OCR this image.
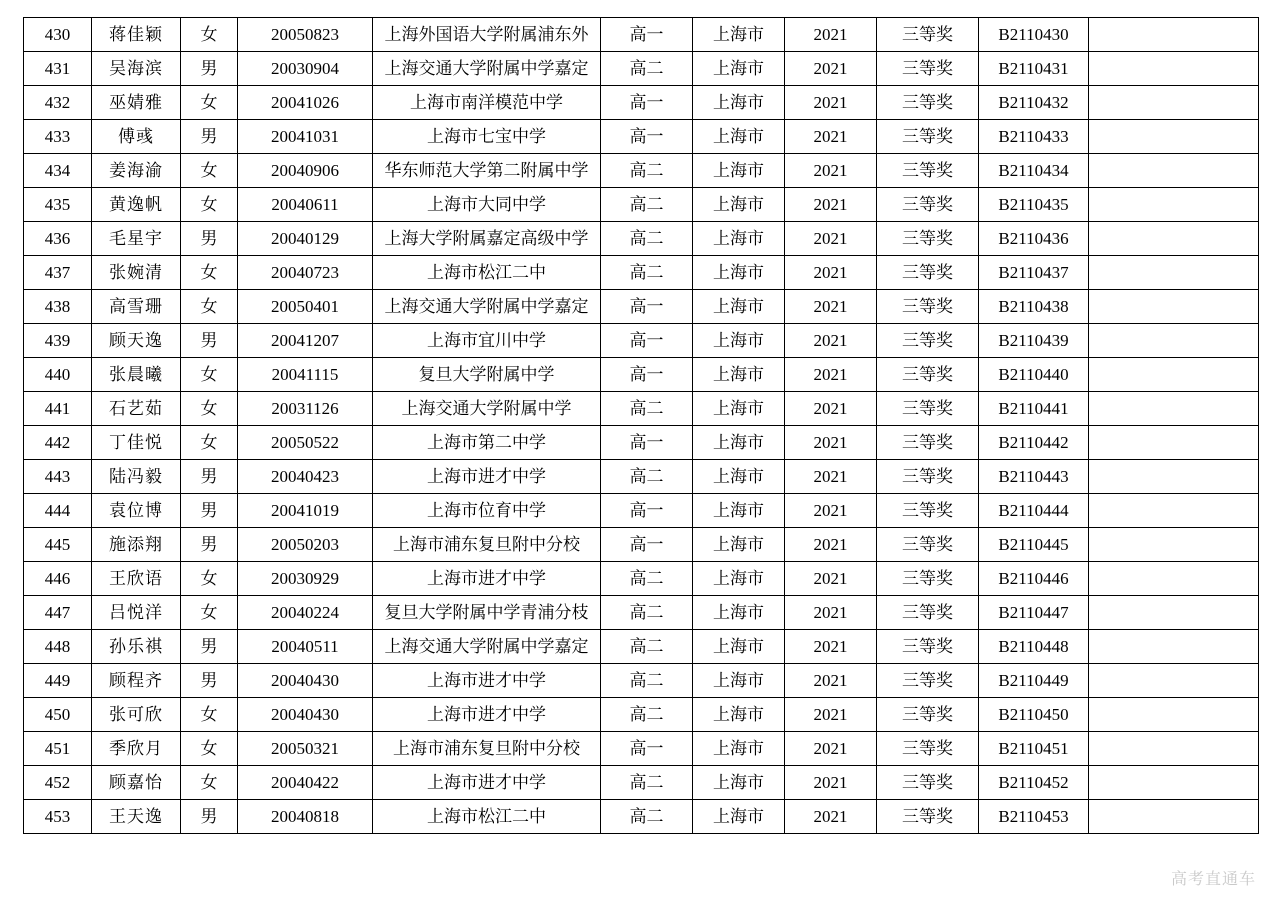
430	蒋佳颖	女	20050823	上海外国语大学附属浦东外	高一	上海市	2021	三等奖	B2110430	
431	吴海滨	男	20030904	上海交通大学附属中学嘉定	高二	上海市	2021	三等奖	B2110431	
432	巫婧雅	女	20041026	上海市南洋模范中学	高一	上海市	2021	三等奖	B2110432	
433	傅彧	男	20041031	上海市七宝中学	高一	上海市	2021	三等奖	B2110433	
434	姜海渝	女	20040906	华东师范大学第二附属中学	高二	上海市	2021	三等奖	B2110434	
435	黄逸帆	女	20040611	上海市大同中学	高二	上海市	2021	三等奖	B2110435	
436	毛星宇	男	20040129	上海大学附属嘉定高级中学	高二	上海市	2021	三等奖	B2110436	
437	张婉清	女	20040723	上海市松江二中	高二	上海市	2021	三等奖	B2110437	
438	高雪珊	女	20050401	上海交通大学附属中学嘉定	高一	上海市	2021	三等奖	B2110438	
439	顾天逸	男	20041207	上海市宜川中学	高一	上海市	2021	三等奖	B2110439	
440	张晨曦	女	20041115	复旦大学附属中学	高一	上海市	2021	三等奖	B2110440	
441	石艺茹	女	20031126	上海交通大学附属中学	高二	上海市	2021	三等奖	B2110441	
442	丁佳悦	女	20050522	上海市第二中学	高一	上海市	2021	三等奖	B2110442	
443	陆冯毅	男	20040423	上海市进才中学	高二	上海市	2021	三等奖	B2110443	
444	袁位博	男	20041019	上海市位育中学	高一	上海市	2021	三等奖	B2110444	
445	施添翔	男	20050203	上海市浦东复旦附中分校	高一	上海市	2021	三等奖	B2110445	
446	王欣语	女	20030929	上海市进才中学	高二	上海市	2021	三等奖	B2110446	
447	吕悦洋	女	20040224	复旦大学附属中学青浦分枝	高二	上海市	2021	三等奖	B2110447	
448	孙乐祺	男	20040511	上海交通大学附属中学嘉定	高二	上海市	2021	三等奖	B2110448	
449	顾程齐	男	20040430	上海市进才中学	高二	上海市	2021	三等奖	B2110449	
450	张可欣	女	20040430	上海市进才中学	高二	上海市	2021	三等奖	B2110450	
451	季欣月	女	20050321	上海市浦东复旦附中分校	高一	上海市	2021	三等奖	B2110451	
452	顾嘉怡	女	20040422	上海市进才中学	高二	上海市	2021	三等奖	B2110452	
453	王天逸	男	20040818	上海市松江二中	高二	上海市	2021	三等奖	B2110453	
高考直通车
